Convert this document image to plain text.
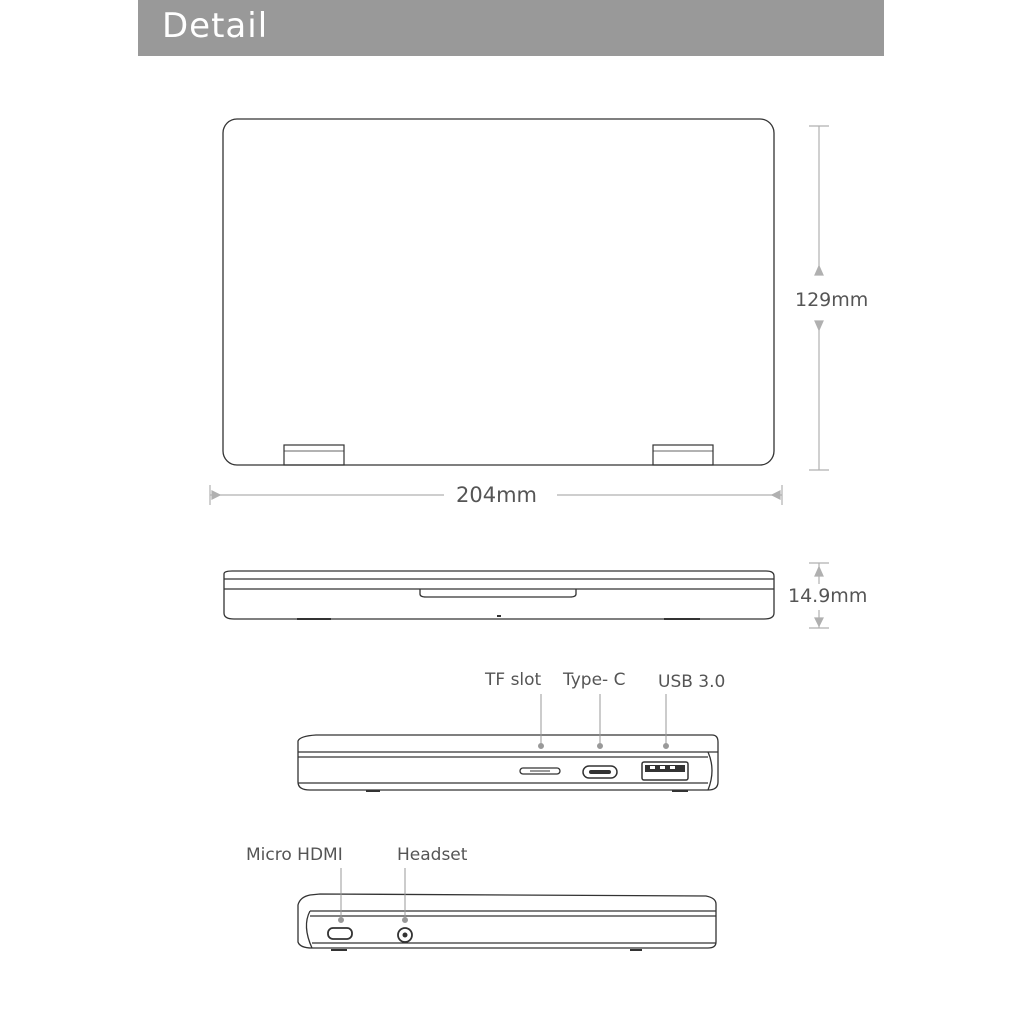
Detail
129mm
204mm
14.9mm
TF slot Type- C USB 3.0
Micro HDMI	Headset
